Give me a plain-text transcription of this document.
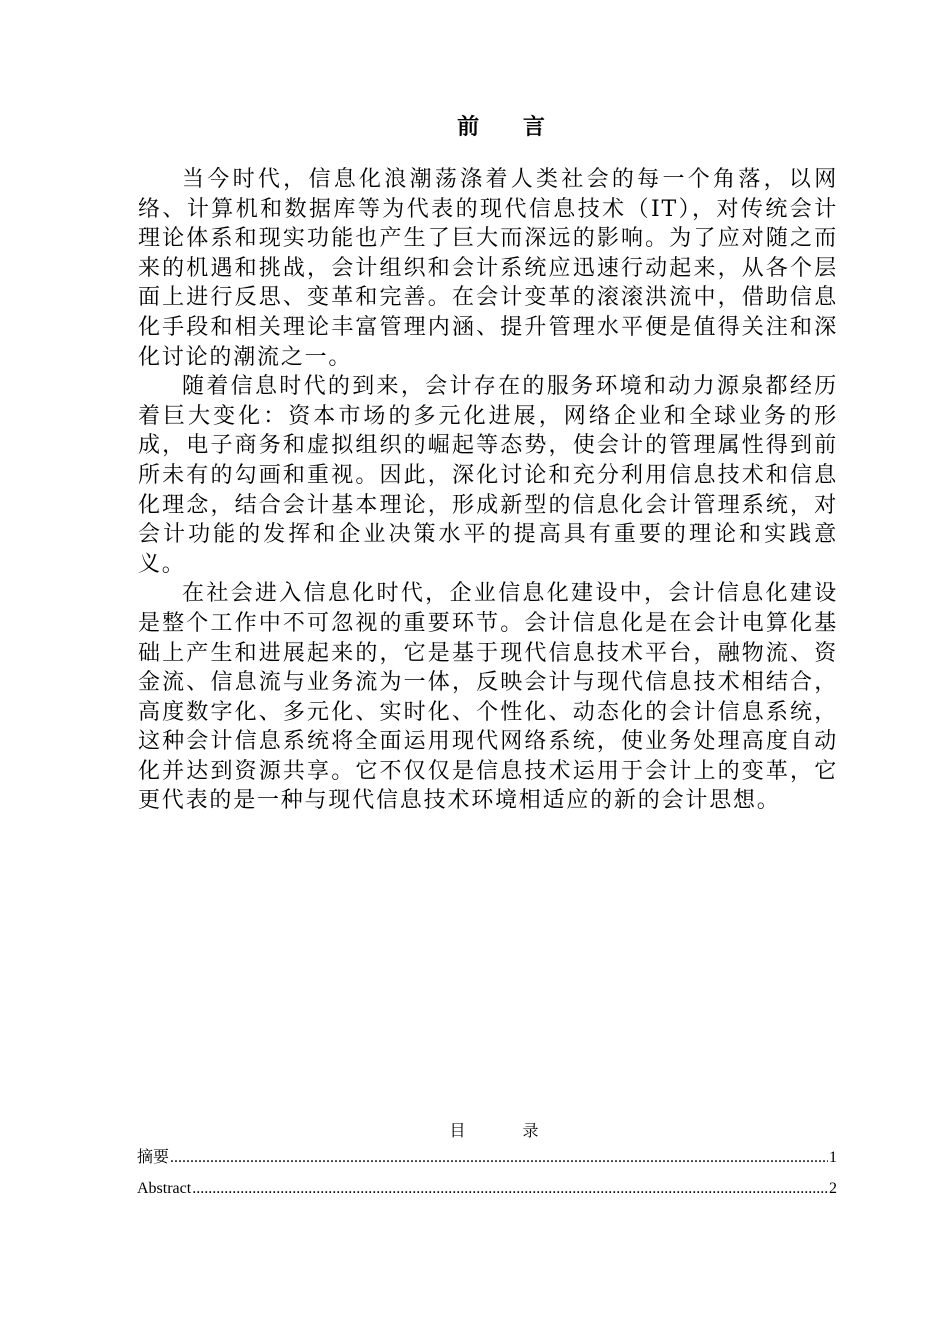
前 言

当今时代，信息化浪潮荡涤着人类社会的每一个角落，以网络、计算机和数据库等为代表的现代信息技术（IT），对传统会计理论体系和现实功能也产生了巨大而深远的影响。为了应对随之而来的机遇和挑战，会计组织和会计系统应迅速行动起来，从各个层面上进行反思、变革和完善。在会计变革的滚滚洪流中，借助信息化手段和相关理论丰富管理内涵、提升管理水平便是值得关注和深化讨论的潮流之一。

随着信息时代的到来，会计存在的服务环境和动力源泉都经历着巨大变化：资本市场的多元化进展，网络企业和全球业务的形成，电子商务和虚拟组织的崛起等态势，使会计的管理属性得到前所未有的勾画和重视。因此，深化讨论和充分利用信息技术和信息化理念，结合会计基本理论，形成新型的信息化会计管理系统，对会计功能的发挥和企业决策水平的提高具有重要的理论和实践意义。

在社会进入信息化时代，企业信息化建设中，会计信息化建设是整个工作中不可忽视的重要环节。会计信息化是在会计电算化基础上产生和进展起来的，它是基于现代信息技术平台，融物流、资金流、信息流与业务流为一体，反映会计与现代信息技术相结合，高度数字化、多元化、实时化、个性化、动态化的会计信息系统，这种会计信息系统将全面运用现代网络系统，使业务处理高度自动化并达到资源共享。它不仅仅是信息技术运用于会计上的变革，它更代表的是一种与现代信息技术环境相适应的新的会计思想。

目 录
摘要 .....	1
Abstract .....	2
